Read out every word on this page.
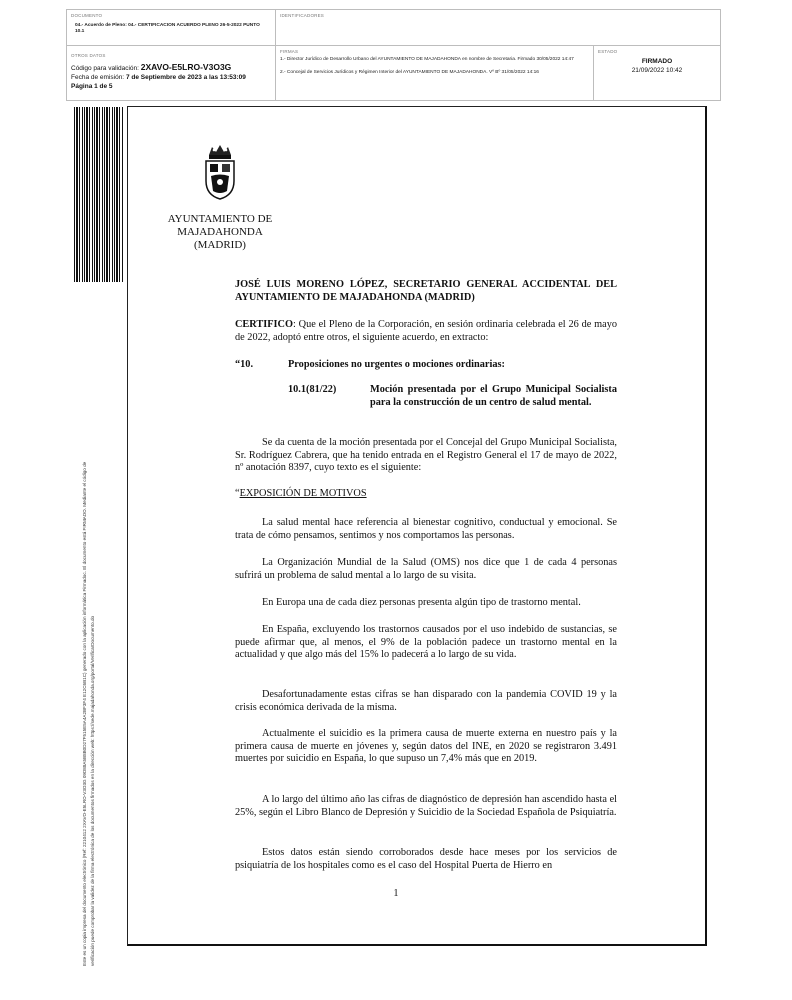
DOCUMENTO
04.- Acuerdo de Pleno: 04.- CERTIFICACION ACUERDO PLENO 26-5-2022 PUNTO 10.1
IDENTIFICADORES
OTROS DATOS
Código para validación: 2XAVO-E5LRO-V3O3G
Fecha de emisión: 7 de Septiembre de 2023 a las 13:53:09
Página 1 de 5
FIRMAS
1.- Director Jurídico de Desarrollo Urbano del AYUNTAMIENTO DE MAJADAHONDA en nombre de Secretaria. Firmado 30/05/2022 14:47
2.- Concejal de Servicios Jurídicos y Régimen Interior del AYUNTAMIENTO DE MAJADAHONDA. Vº Bº 31/05/2022 14:16
ESTADO
FIRMADO
21/09/2022 10:42
Este es un copia impresa del documento electrónico (Ref: 2210412 2XAVO-E5LRO-V3O3G 09D88A5B8B0D27F515E5A4A2BF3F4 E12C6B1C) generado con la aplicación informática Firmadoc. El documento está FIRMADO. Mediante el código de verificación puede comprobar la validez de la firma electrónica de los documentos firmados en la dirección web: https://sede.majadahonda.org/portal/VerificarDocumento.do
AYUNTAMIENTO DE
MAJADAHONDA
(MADRID)
JOSÉ LUIS MORENO LÓPEZ, SECRETARIO GENERAL ACCIDENTAL DEL AYUNTAMIENTO DE MAJADAHONDA (MADRID)
CERTIFICO: Que el Pleno de la Corporación, en sesión ordinaria celebrada el 26 de mayo de 2022, adoptó entre otros, el siguiente acuerdo, en extracto:
“10.	Proposiciones no urgentes o mociones ordinarias:
10.1(81/22)	Moción presentada por el Grupo Municipal Socialista para la construcción de un centro de salud mental.
Se da cuenta de la moción presentada por el Concejal del Grupo Municipal Socialista, Sr. Rodríguez Cabrera, que ha tenido entrada en el Registro General el 17 de mayo de 2022, nº anotación 8397, cuyo texto es el siguiente:
“EXPOSICIÓN DE MOTIVOS
La salud mental hace referencia al bienestar cognitivo, conductual y emocional. Se trata de cómo pensamos, sentimos y nos comportamos las personas.
La Organización Mundial de la Salud (OMS) nos dice que 1 de cada 4 personas sufrirá un problema de salud mental a lo largo de su visita.
En Europa una de cada diez personas presenta algún tipo de trastorno mental.
En España, excluyendo los trastornos causados por el uso indebido de sustancias, se puede afirmar que, al menos, el 9% de la población padece un trastorno mental en la actualidad y que algo más del 15% lo padecerá a lo largo de su vida.
Desafortunadamente estas cifras se han disparado con la pandemia COVID 19 y la crisis económica derivada de la misma.
Actualmente el suicidio es la primera causa de muerte externa en nuestro país y la primera causa de muerte en jóvenes y, según datos del INE, en 2020 se registraron 3.491 muertes por suicidio en España, lo que supuso un 7,4% más que en 2019.
A lo largo del último año las cifras de diagnóstico de depresión han ascendido hasta el 25%, según el Libro Blanco de Depresión y Suicidio de la Sociedad Española de Psiquiatría.
Estos datos están siendo corroborados desde hace meses por los servicios de psiquiatría de los hospitales como es el caso del Hospital Puerta de Hierro en
1
